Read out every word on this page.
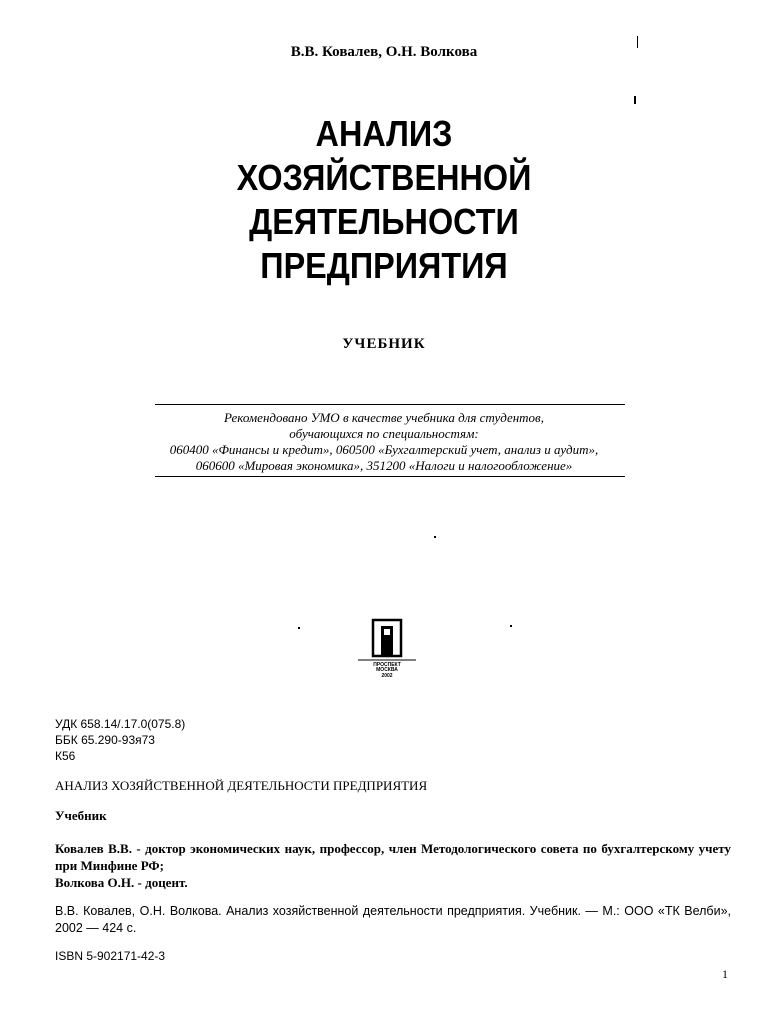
В.В. Ковалев, О.Н. Волкова
АНАЛИЗ
ХОЗЯЙСТВЕННОЙ
ДЕЯТЕЛЬНОСТИ
ПРЕДПРИЯТИЯ
УЧЕБНИК
Рекомендовано УМО в качестве учебника для студентов,
обучающихся по специальностям:
060400 «Финансы и кредит», 060500 «Бухгалтерский учет, анализ и аудит»,
060600 «Мировая экономика», 351200 «Налоги и налогообложение»
ПРОСПЕКТ
МОСКВА
2002
УДК 658.14/.17.0(075.8)
ББК 65.290-93я73
К56
АНАЛИЗ ХОЗЯЙСТВЕННОЙ ДЕЯТЕЛЬНОСТИ ПРЕДПРИЯТИЯ
Учебник
Ковалев В.В. - доктор экономических наук, профессор, член Методологического совета по бухгалтерскому учету при Минфине РФ;
Волкова О.Н. - доцент.
В.В. Ковалев, О.Н. Волкова. Анализ хозяйственной деятельности предприятия. Учебник. — М.: ООО «ТК Велби», 2002 — 424 с.
ISBN 5-902171-42-3
1
